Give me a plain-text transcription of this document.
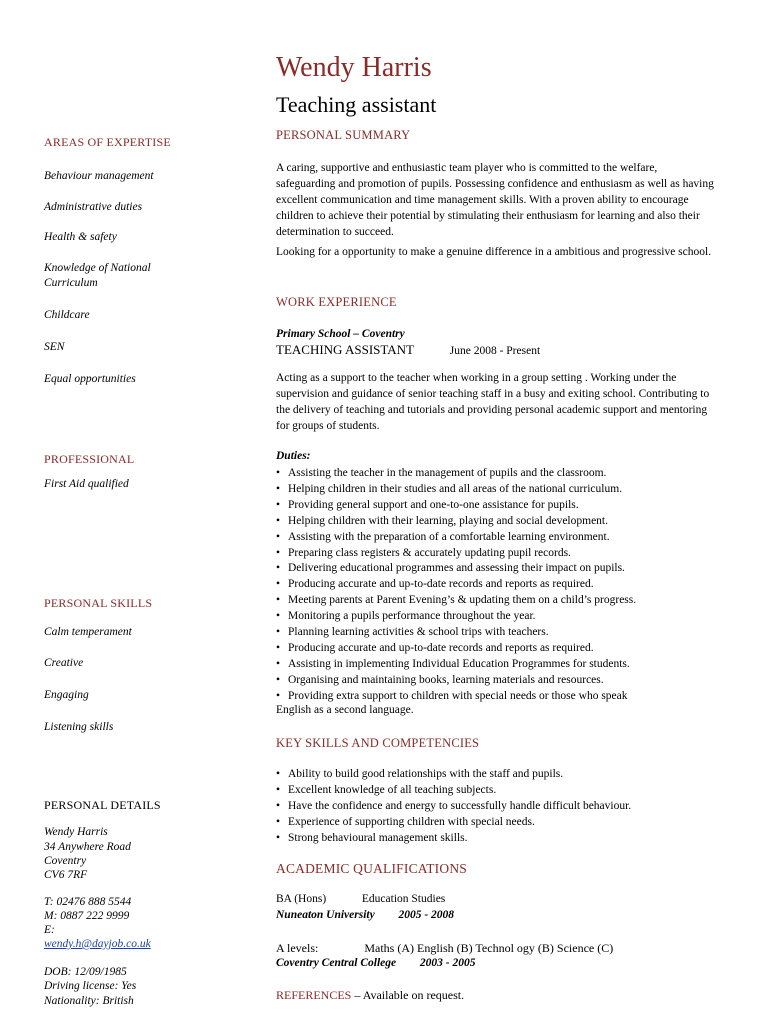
AREAS OF EXPERTISE
Behaviour management
Administrative duties
Health & safety
Knowledge of National Curriculum
Childcare
SEN
Equal opportunities
PROFESSIONAL
First Aid qualified
PERSONAL SKILLS
Calm temperament
Creative
Engaging
Listening skills
PERSONAL DETAILS
Wendy Harris
34 Anywhere Road
Coventry
CV6 7RF
T: 02476 888 5544
M: 0887 222 9999
E:
wendy.h@dayjob.co.uk
DOB: 12/09/1985
Driving license: Yes
Nationality: British
Wendy Harris
Teaching assistant
PERSONAL SUMMARY
A caring, supportive and enthusiastic team player who is committed to the welfare, safeguarding and promotion of pupils. Possessing confidence and enthusiasm as well as having excellent communication and time management skills. With a proven ability to encourage children to achieve their potential by stimulating their enthusiasm for learning and also their determination to succeed.
Looking for a opportunity to make a genuine difference in a ambitious and progressive school.
WORK EXPERIENCE
Primary School – Coventry
TEACHING ASSISTANT	June 2008 - Present
Acting as a support to the teacher when working in a group setting . Working under the supervision and guidance of senior teaching staff in a busy and exiting school. Contributing to the delivery of teaching and tutorials and providing personal academic support and mentoring for groups of students.
Duties:
• Assisting the teacher in the management of pupils and the classroom.
• Helping children in their studies and all areas of the national curriculum.
• Providing general support and one-to-one assistance for pupils.
• Helping children with their learning, playing and social development.
• Assisting with the preparation of a comfortable learning environment.
• Preparing class registers & accurately updating pupil records.
• Delivering educational programmes and assessing their impact on pupils.
• Producing accurate and up-to-date records and reports as required.
• Meeting parents at Parent Evening’s & updating them on a child’s progress.
• Monitoring a pupils performance throughout the year.
• Planning learning activities & school trips with teachers.
• Producing accurate and up-to-date records and reports as required.
• Assisting in implementing Individual Education Programmes for students.
• Organising and maintaining books, learning materials and resources.
• Providing extra support to children with special needs or those who speak
English as a second language.
KEY SKILLS AND COMPETENCIES
• Ability to build good relationships with the staff and pupils.
• Excellent knowledge of all teaching subjects.
• Have the confidence and energy to successfully handle difficult behaviour.
• Experience of supporting children with special needs.
• Strong behavioural management skills.
ACADEMIC QUALIFICATIONS
BA (Hons)	Education Studies
Nuneaton University 2005 - 2008
A levels:	Maths (A) English (B) Technol ogy (B) Science (C)
Coventry Central College 2003 - 2005
REFERENCES – Available on request.
